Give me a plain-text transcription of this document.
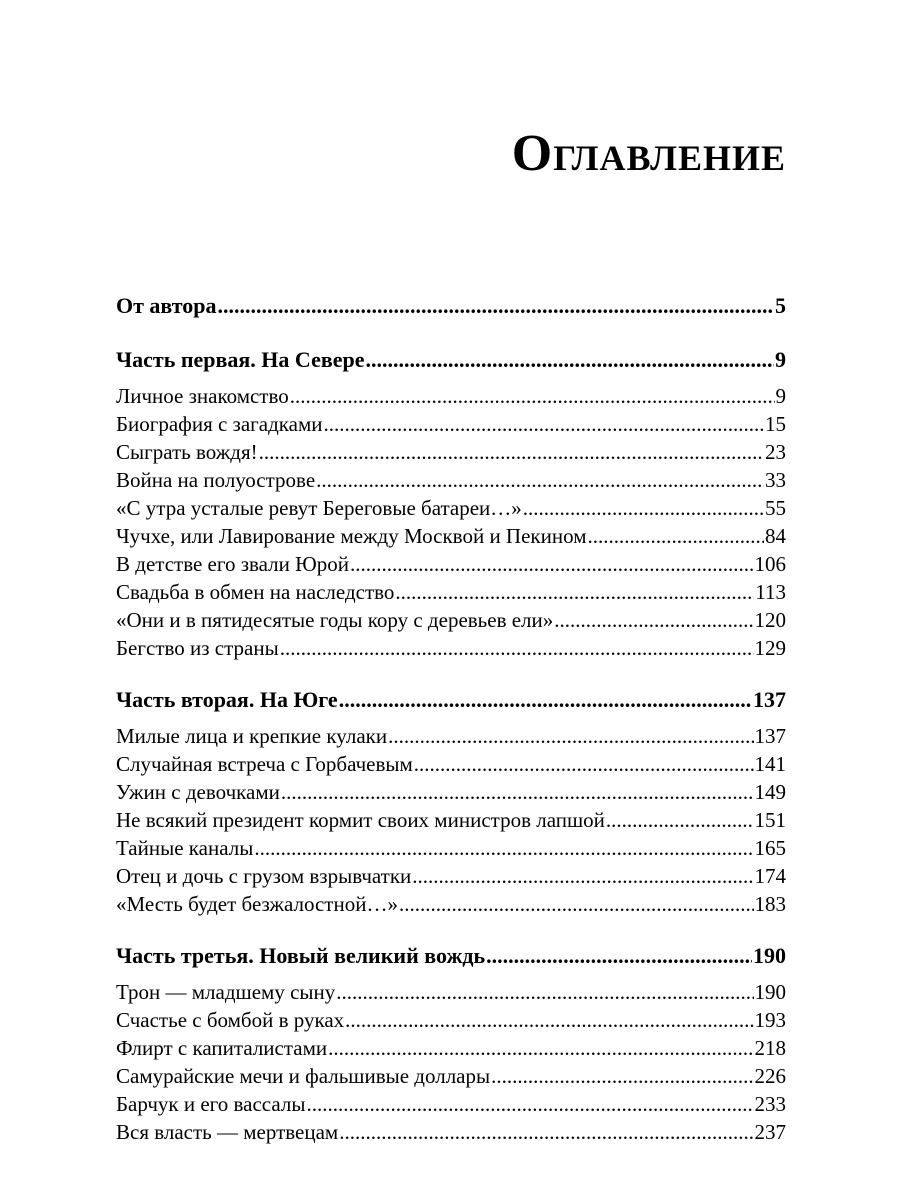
Оглавление
От автора .....	5
Часть первая. На Севере .....	9
Личное знакомство .....	9
Биография с загадками .....	15
Сыграть вождя! .....	23
Война на полуострове .....	33
«С утра усталые ревут Береговые батареи…» .....	55
Чучхе, или Лавирование между Москвой и Пекином .....	84
В детстве его звали Юрой .....	106
Свадьба в обмен на наследство .....	113
«Они и в пятидесятые годы кору с деревьев ели» .....	120
Бегство из страны .....	129
Часть вторая. На Юге .....	137
Милые лица и крепкие кулаки .....	137
Случайная встреча с Горбачевым .....	141
Ужин с девочками .....	149
Не всякий президент кормит своих министров лапшой .....	151
Тайные каналы .....	165
Отец и дочь с грузом взрывчатки .....	174
«Месть будет безжалостной…» .....	183
Часть третья. Новый великий вождь .....	190
Трон — младшему сыну .....	190
Счастье с бомбой в руках .....	193
Флирт с капиталистами .....	218
Самурайские мечи и фальшивые доллары .....	226
Барчук и его вассалы .....	233
Вся власть — мертвецам .....	237
